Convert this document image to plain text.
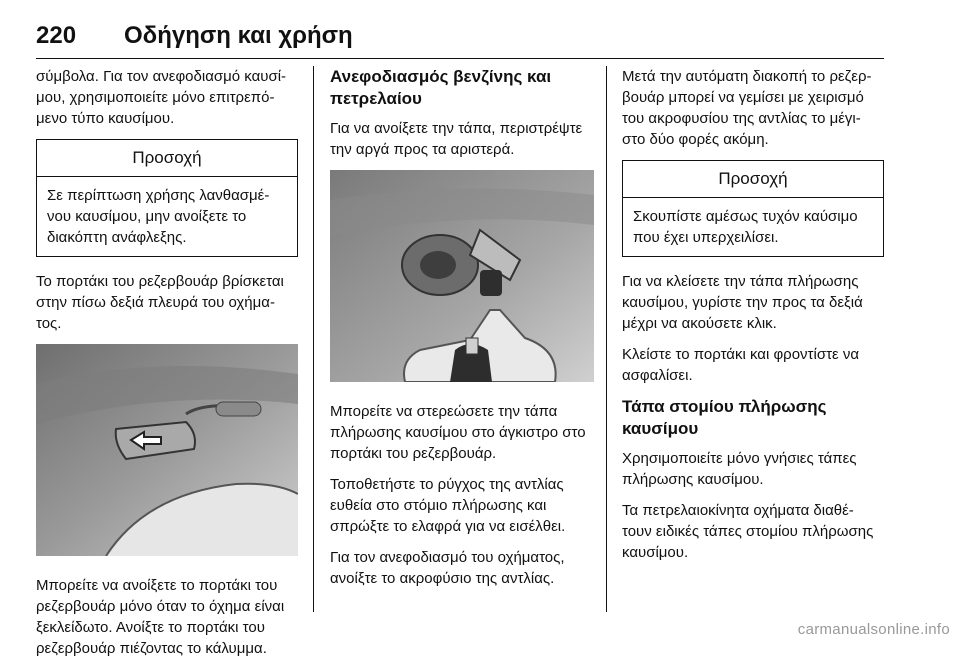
220 Οδήγηση και χρήση

σύμβολα. Για τον ανεφοδιασμό καυσί- μου, χρησιμοποιείτε μόνο επιτρεπό- μενο τύπο καυσίμου.

Προσοχή
Σε περίπτωση χρήσης λανθασμέ- νου καυσίμου, μην ανοίξετε το διακόπτη ανάφλεξης.

Το πορτάκι του ρεζερβουάρ βρίσκεται στην πίσω δεξιά πλευρά του οχήμα- τος.

Μπορείτε να ανοίξετε το πορτάκι του ρεζερβουάρ μόνο όταν το όχημα είναι ξεκλείδωτο. Ανοίξτε το πορτάκι του ρεζερβουάρ πιέζοντας το κάλυμμα.

Ανεφοδιασμός βενζίνης και πετρελαίου

Για να ανοίξετε την τάπα, περιστρέψτε την αργά προς τα αριστερά.

Μπορείτε να στερεώσετε την τάπα πλήρωσης καυσίμου στο άγκιστρο στο πορτάκι του ρεζερβουάρ.

Τοποθετήστε το ρύγχος της αντλίας ευθεία στο στόμιο πλήρωσης και σπρώξτε το ελαφρά για να εισέλθει.

Για τον ανεφοδιασμό του οχήματος, ανοίξτε το ακροφύσιο της αντλίας.

Μετά την αυτόματη διακοπή το ρεζερ- βουάρ μπορεί να γεμίσει με χειρισμό του ακροφυσίου της αντλίας το μέγι- στο δύο φορές ακόμη.

Προσοχή
Σκουπίστε αμέσως τυχόν καύσιμο που έχει υπερχειλίσει.

Για να κλείσετε την τάπα πλήρωσης καυσίμου, γυρίστε την προς τα δεξιά μέχρι να ακούσετε κλικ.

Κλείστε το πορτάκι και φροντίστε να ασφαλίσει.

Τάπα στομίου πλήρωσης καυσίμου

Χρησιμοποιείτε μόνο γνήσιες τάπες πλήρωσης καυσίμου.

Τα πετρελαιοκίνητα οχήματα διαθέ- τουν ειδικές τάπες στομίου πλήρωσης καυσίμου.

carmanualsonline.info
